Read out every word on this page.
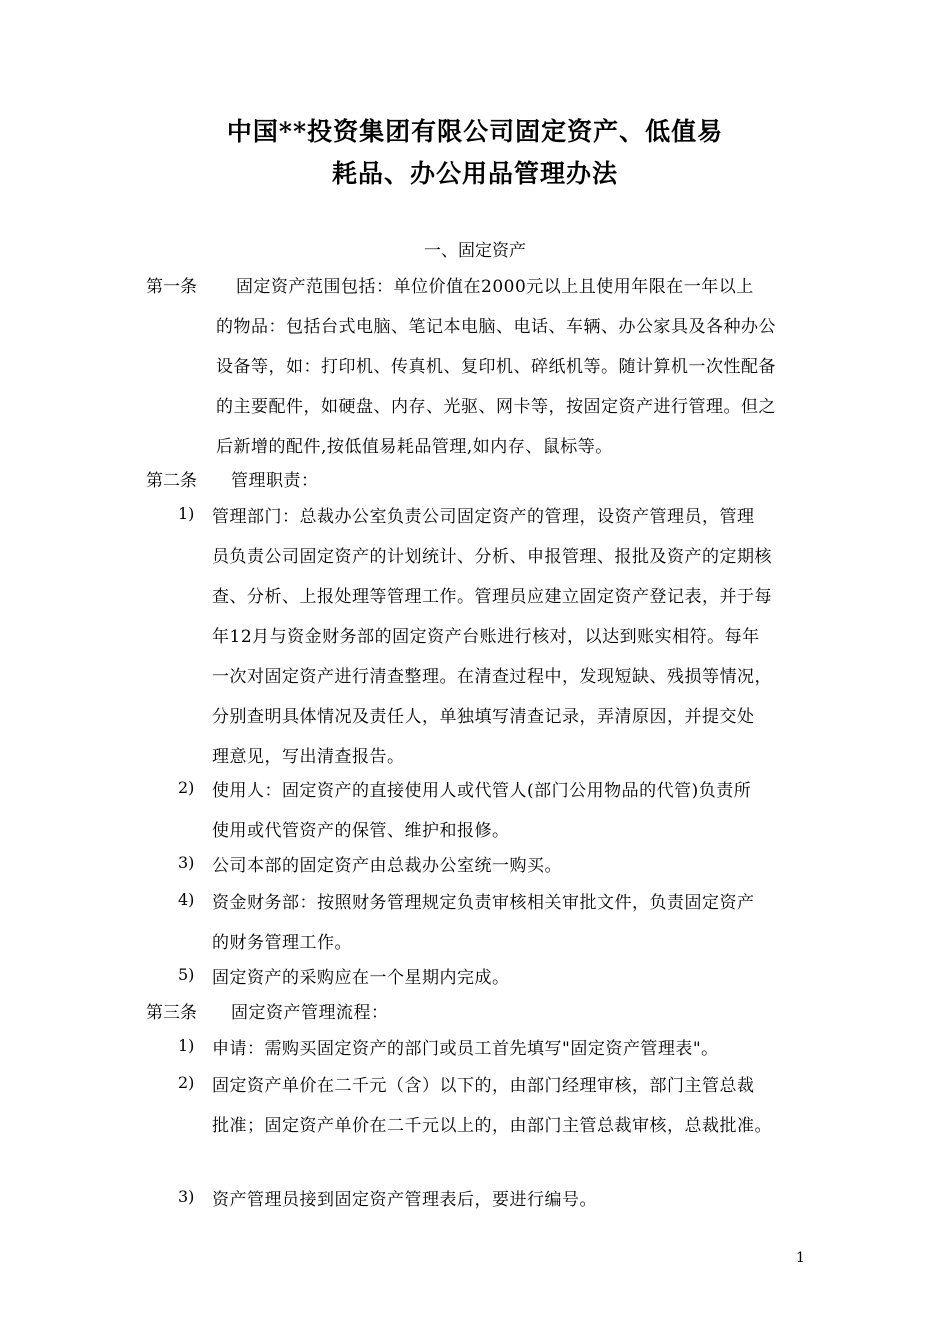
中国**投资集团有限公司固定资产、低值易
耗品、办公用品管理办法
一、固定资产
第一条 固定资产范围包括：单位价值在2000元以上且使用年限在一年以上
的物品：包括台式电脑、笔记本电脑、电话、车辆、办公家具及各种办公
设备等，如：打印机、传真机、复印机、碎纸机等。随计算机一次性配备
的主要配件，如硬盘、内存、光驱、网卡等，按固定资产进行管理。但之
后新增的配件,按低值易耗品管理,如内存、鼠标等。
第二条 管理职责：
1) 管理部门：总裁办公室负责公司固定资产的管理，设资产管理员，管理
员负责公司固定资产的计划统计、分析、申报管理、报批及资产的定期核
查、分析、上报处理等管理工作。管理员应建立固定资产登记表，并于每
年12月与资金财务部的固定资产台账进行核对，以达到账实相符。每年
一次对固定资产进行清查整理。在清查过程中，发现短缺、残损等情况，
分别查明具体情况及责任人，单独填写清查记录，弄清原因，并提交处
理意见，写出清查报告。
2) 使用人：固定资产的直接使用人或代管人(部门公用物品的代管)负责所
使用或代管资产的保管、维护和报修。
3) 公司本部的固定资产由总裁办公室统一购买。
4) 资金财务部：按照财务管理规定负责审核相关审批文件，负责固定资产
的财务管理工作。
5) 固定资产的采购应在一个星期内完成。
第三条 固定资产管理流程：
1) 申请：需购买固定资产的部门或员工首先填写"固定资产管理表"。
2) 固定资产单价在二千元（含）以下的，由部门经理审核，部门主管总裁
批准；固定资产单价在二千元以上的，由部门主管总裁审核，总裁批准。
3) 资产管理员接到固定资产管理表后，要进行编号。
1
